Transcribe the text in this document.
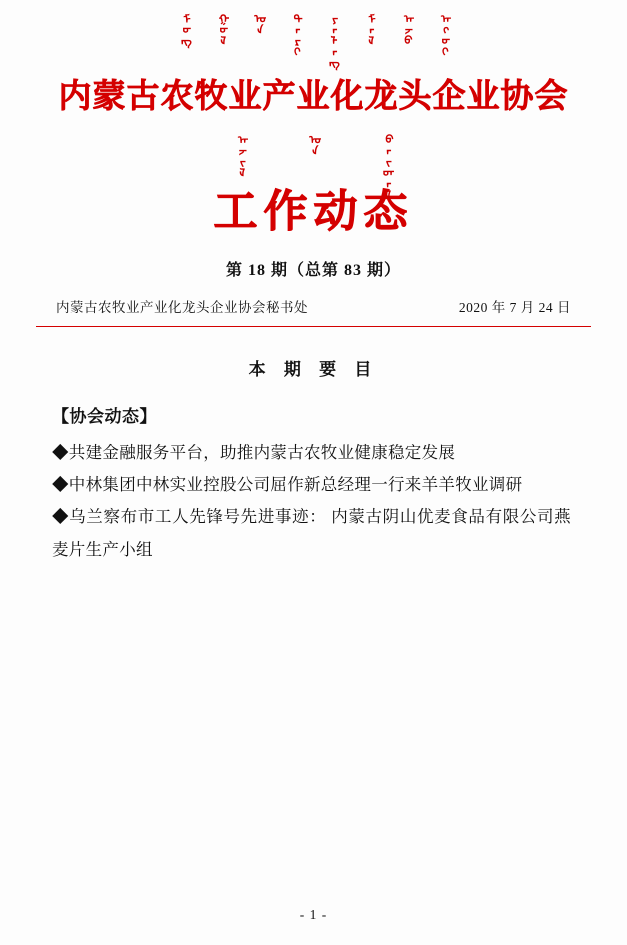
ᠮᠣᠩ ᠭᠣᠯ ᠤᠨ ᠲᠠᠷᠢ ᠶᠠᠯᠠᠩ ᠮᠠᠯ ᠠᠵᠤ ᠠᠬᠤᠢ
内蒙古农牧业产业化龙头企业协会
ᠠᠵᠢᠯ	ᠤᠨ	ᠪᠠᠢᠳᠠᠯ
工作动态
第 18 期（总第 83 期）
内蒙古农牧业产业化龙头企业协会秘书处	2020 年 7 月 24 日
本 期 要 目
【协会动态】
◆共建金融服务平台，助推内蒙古农牧业健康稳定发展
◆中林集团中林实业控股公司屈作新总经理一行来羊羊牧业调研
◆乌兰察布市工人先锋号先进事迹： 内蒙古阴山优麦食品有限公司燕麦片生产小组
- 1 -
